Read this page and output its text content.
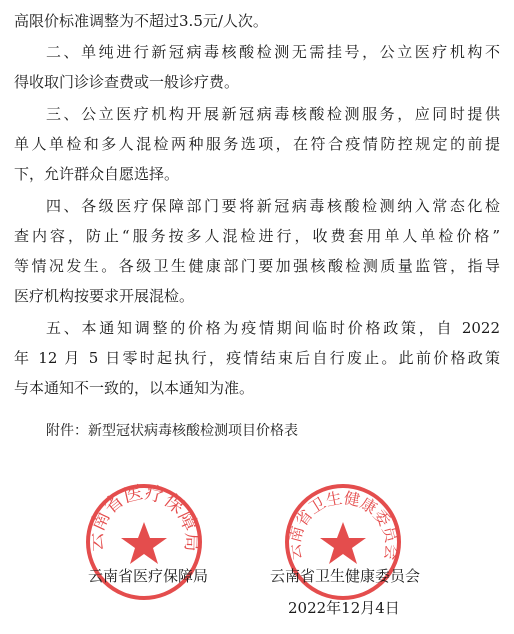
高限价标准调整为不超过3.5元/人次。
二、单纯进行新冠病毒核酸检测无需挂号，公立医疗机构不
得收取门诊诊查费或一般诊疗费。
三、公立医疗机构开展新冠病毒核酸检测服务，应同时提供
单人单检和多人混检两种服务选项，在符合疫情防控规定的前提
下，允许群众自愿选择。
四、各级医疗保障部门要将新冠病毒核酸检测纳入常态化检
查内容，防止“服务按多人混检进行，收费套用单人单检价格”
等情况发生。各级卫生健康部门要加强核酸检测质量监管，指导
医疗机构按要求开展混检。
五、本通知调整的价格为疫情期间临时价格政策，自 2022
年 12 月 5 日零时起执行，疫情结束后自行废止。此前价格政策
与本通知不一致的，以本通知为准。
附件：新型冠状病毒核酸检测项目价格表
云南省医疗保障局
云南省卫生健康委员会
云南省医疗保障局	云南省卫生健康委员会
2022年12月4日
